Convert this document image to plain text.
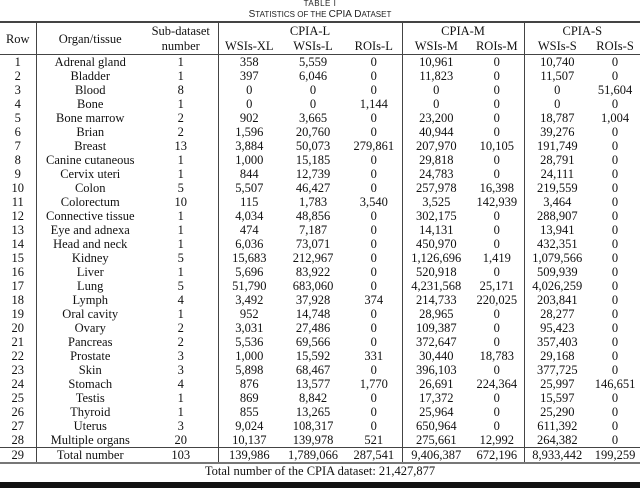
TABLE I
STATISTICS OF THE CPIA DATASET
Row	Organ/tissue	Sub-dataset	CPIA-L			CPIA-M		CPIA-S	
		number	WSIs-XL	WSIs-L	ROIs-L	WSIs-M	ROIs-M	WSIs-S	ROIs-S
1	Adrenal gland	1	358	5,559	0	10,961	0	10,740	0
2	Bladder	1	397	6,046	0	11,823	0	11,507	0
3	Blood	8	0	0	0	0	0	0	51,604
4	Bone	1	0	0	1,144	0	0	0	0
5	Bone marrow	2	902	3,665	0	23,200	0	18,787	1,004
6	Brian	2	1,596	20,760	0	40,944	0	39,276	0
7	Breast	13	3,884	50,073	279,861	207,970	10,105	191,749	0
8	Canine cutaneous	1	1,000	15,185	0	29,818	0	28,791	0
9	Cervix uteri	1	844	12,739	0	24,783	0	24,111	0
10	Colon	5	5,507	46,427	0	257,978	16,398	219,559	0
11	Colorectum	10	115	1,783	3,540	3,525	142,939	3,464	0
12	Connective tissue	1	4,034	48,856	0	302,175	0	288,907	0
13	Eye and adnexa	1	474	7,187	0	14,131	0	13,941	0
14	Head and neck	1	6,036	73,071	0	450,970	0	432,351	0
15	Kidney	5	15,683	212,967	0	1,126,696	1,419	1,079,566	0
16	Liver	1	5,696	83,922	0	520,918	0	509,939	0
17	Lung	5	51,790	683,060	0	4,231,568	25,171	4,026,259	0
18	Lymph	4	3,492	37,928	374	214,733	220,025	203,841	0
19	Oral cavity	1	952	14,748	0	28,965	0	28,277	0
20	Ovary	2	3,031	27,486	0	109,387	0	95,423	0
21	Pancreas	2	5,536	69,566	0	372,647	0	357,403	0
22	Prostate	3	1,000	15,592	331	30,440	18,783	29,168	0
23	Skin	3	5,898	68,467	0	396,103	0	377,725	0
24	Stomach	4	876	13,577	1,770	26,691	224,364	25,997	146,651
25	Testis	1	869	8,842	0	17,372	0	15,597	0
26	Thyroid	1	855	13,265	0	25,964	0	25,290	0
27	Uterus	3	9,024	108,317	0	650,964	0	611,392	0
28	Multiple organs	20	10,137	139,978	521	275,661	12,992	264,382	0
29	Total number	103	139,986	1,789,066	287,541	9,406,387	672,196	8,933,442	199,259
Total number of the CPIA dataset: 21,427,877									
